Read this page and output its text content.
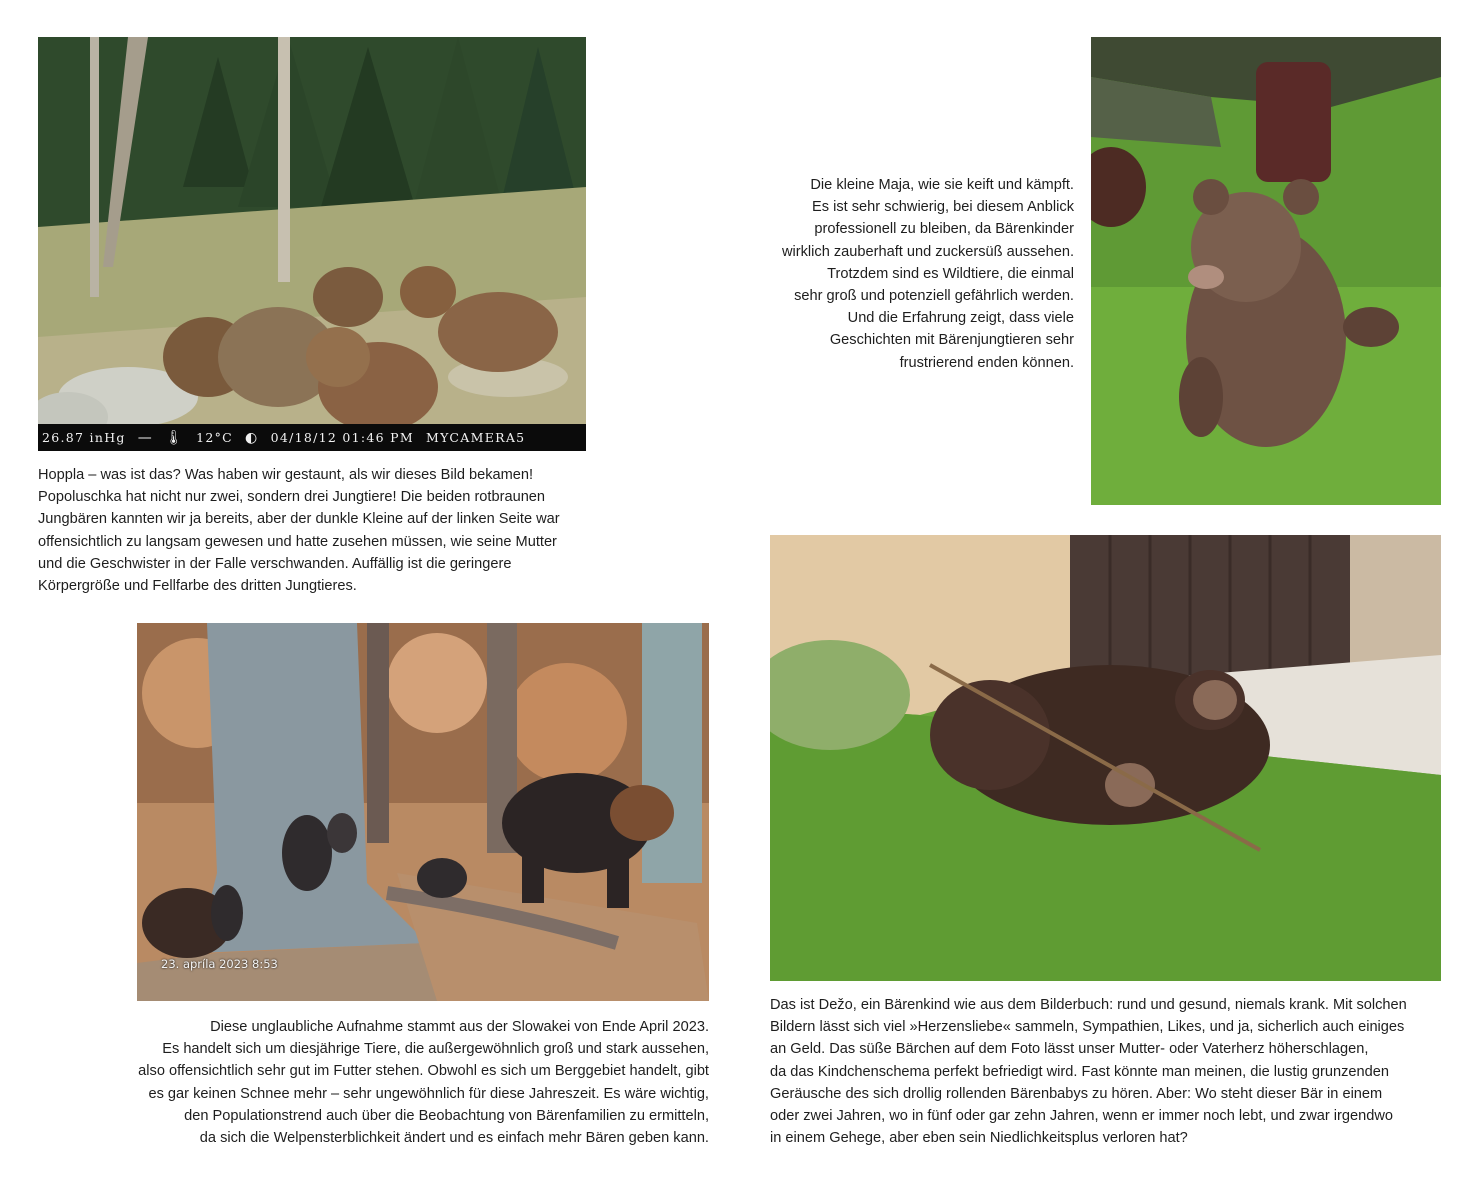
26.87 inHg — 🌡 12°C ◐ 04/18/12 01:46 PM MYCAMERA5

Die kleine Maja, wie sie keift und kämpft.
Es ist sehr schwierig, bei diesem Anblick
professionell zu bleiben, da Bärenkinder
wirklich zauberhaft und zuckersüß aussehen.
Trotzdem sind es Wildtiere, die einmal
sehr groß und potenziell gefährlich werden.
Und die Erfahrung zeigt, dass viele
Geschichten mit Bärenjungtieren sehr
frustrierend enden können.

Hoppla – was ist das? Was haben wir gestaunt, als wir dieses Bild bekamen!
Popoluschka hat nicht nur zwei, sondern drei Jungtiere! Die beiden rotbraunen
Jungbären kannten wir ja bereits, aber der dunkle Kleine auf der linken Seite war
offensichtlich zu langsam gewesen und hatte zusehen müssen, wie seine Mutter
und die Geschwister in der Falle verschwanden. Auffällig ist die geringere
Körpergröße und Fellfarbe des dritten Jungtieres.

23. apríla 2023 8:53

Diese unglaubliche Aufnahme stammt aus der Slowakei von Ende April 2023.
Es handelt sich um diesjährige Tiere, die außergewöhnlich groß und stark aussehen,
also offensichtlich sehr gut im Futter stehen. Obwohl es sich um Berggebiet handelt, gibt
es gar keinen Schnee mehr – sehr ungewöhnlich für diese Jahreszeit. Es wäre wichtig,
den Populationstrend auch über die Beobachtung von Bärenfamilien zu ermitteln,
da sich die Welpensterblichkeit ändert und es einfach mehr Bären geben kann.

Das ist Dežo, ein Bärenkind wie aus dem Bilderbuch: rund und gesund, niemals krank. Mit solchen
Bildern lässt sich viel »Herzensliebe« sammeln, Sympathien, Likes, und ja, sicherlich auch einiges
an Geld. Das süße Bärchen auf dem Foto lässt unser Mutter- oder Vaterherz höherschlagen,
da das Kindchenschema perfekt befriedigt wird. Fast könnte man meinen, die lustig grunzenden
Geräusche des sich drollig rollenden Bärenbabys zu hören. Aber: Wo steht dieser Bär in einem
oder zwei Jahren, wo in fünf oder gar zehn Jahren, wenn er immer noch lebt, und zwar irgendwo
in einem Gehege, aber eben sein Niedlichkeitsplus verloren hat?
